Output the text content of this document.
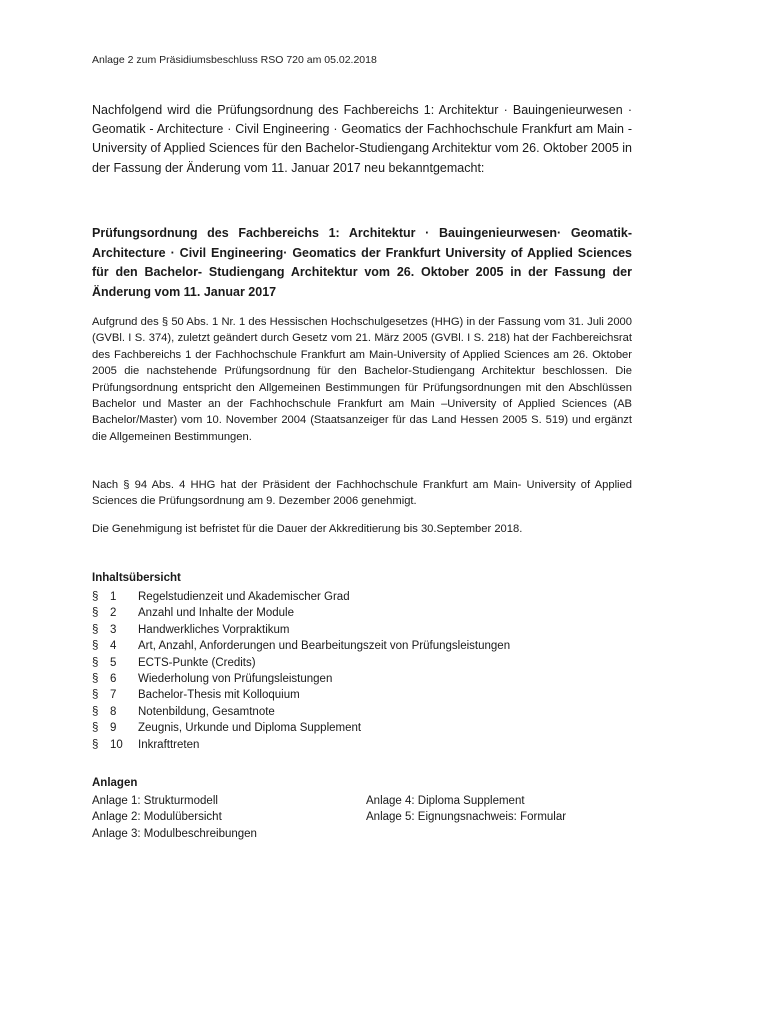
Anlage 2 zum Präsidiumsbeschluss RSO 720 am 05.02.2018
Nachfolgend wird die Prüfungsordnung des Fachbereichs 1: Architektur · Bauingenieurwesen · Geomatik - Architecture · Civil Engineering · Geomatics der Fachhochschule Frankfurt am Main - University of Applied Sciences für den Bachelor-Studiengang Architektur vom 26. Oktober 2005 in der Fassung der Änderung vom 11. Januar 2017 neu bekanntgemacht:
Prüfungsordnung des Fachbereichs 1: Architektur · Bauingenieurwesen· Geomatik-Architecture · Civil Engineering· Geomatics der Frankfurt University of Applied Sciences für den Bachelor- Studiengang Architektur vom 26. Oktober 2005 in der Fassung der Änderung vom 11. Januar 2017
Aufgrund des § 50 Abs. 1 Nr. 1 des Hessischen Hochschulgesetzes (HHG) in der Fassung vom 31. Juli 2000 (GVBl. I S. 374), zuletzt geändert durch Gesetz vom 21. März 2005 (GVBl. I S. 218) hat der Fachbereichsrat des Fachbereichs 1 der Fachhochschule Frankfurt am Main-University of Applied Sciences am 26. Oktober 2005 die nachstehende Prüfungsordnung für den Bachelor-Studiengang Architektur beschlossen. Die Prüfungsordnung entspricht den Allgemeinen Bestimmungen für Prüfungsordnungen mit den Abschlüssen Bachelor und Master an der Fachhochschule Frankfurt am Main –University of Applied Sciences (AB Bachelor/Master) vom 10. November 2004 (Staatsanzeiger für das Land Hessen 2005 S. 519) und ergänzt die Allgemeinen Bestimmungen.
Nach § 94 Abs. 4 HHG hat der Präsident der Fachhochschule Frankfurt am Main- University of Applied Sciences die Prüfungsordnung am 9. Dezember 2006 genehmigt.
Die Genehmigung ist befristet für die Dauer der Akkreditierung bis 30.September 2018.
Inhaltsübersicht
§	1	Regelstudienzeit und Akademischer Grad
§	2	Anzahl und Inhalte der Module
§	3	Handwerkliches Vorpraktikum
§	4	Art, Anzahl, Anforderungen und Bearbeitungszeit von Prüfungsleistungen
§	5	ECTS-Punkte (Credits)
§	6	Wiederholung von Prüfungsleistungen
§	7	Bachelor-Thesis mit Kolloquium
§	8	Notenbildung, Gesamtnote
§	9	Zeugnis, Urkunde und Diploma Supplement
§	10	Inkrafttreten
Anlagen
Anlage 1: Strukturmodell
Anlage 2: Modulübersicht
Anlage 3: Modulbeschreibungen
Anlage 4: Diploma Supplement
Anlage 5: Eignungsnachweis: Formular
